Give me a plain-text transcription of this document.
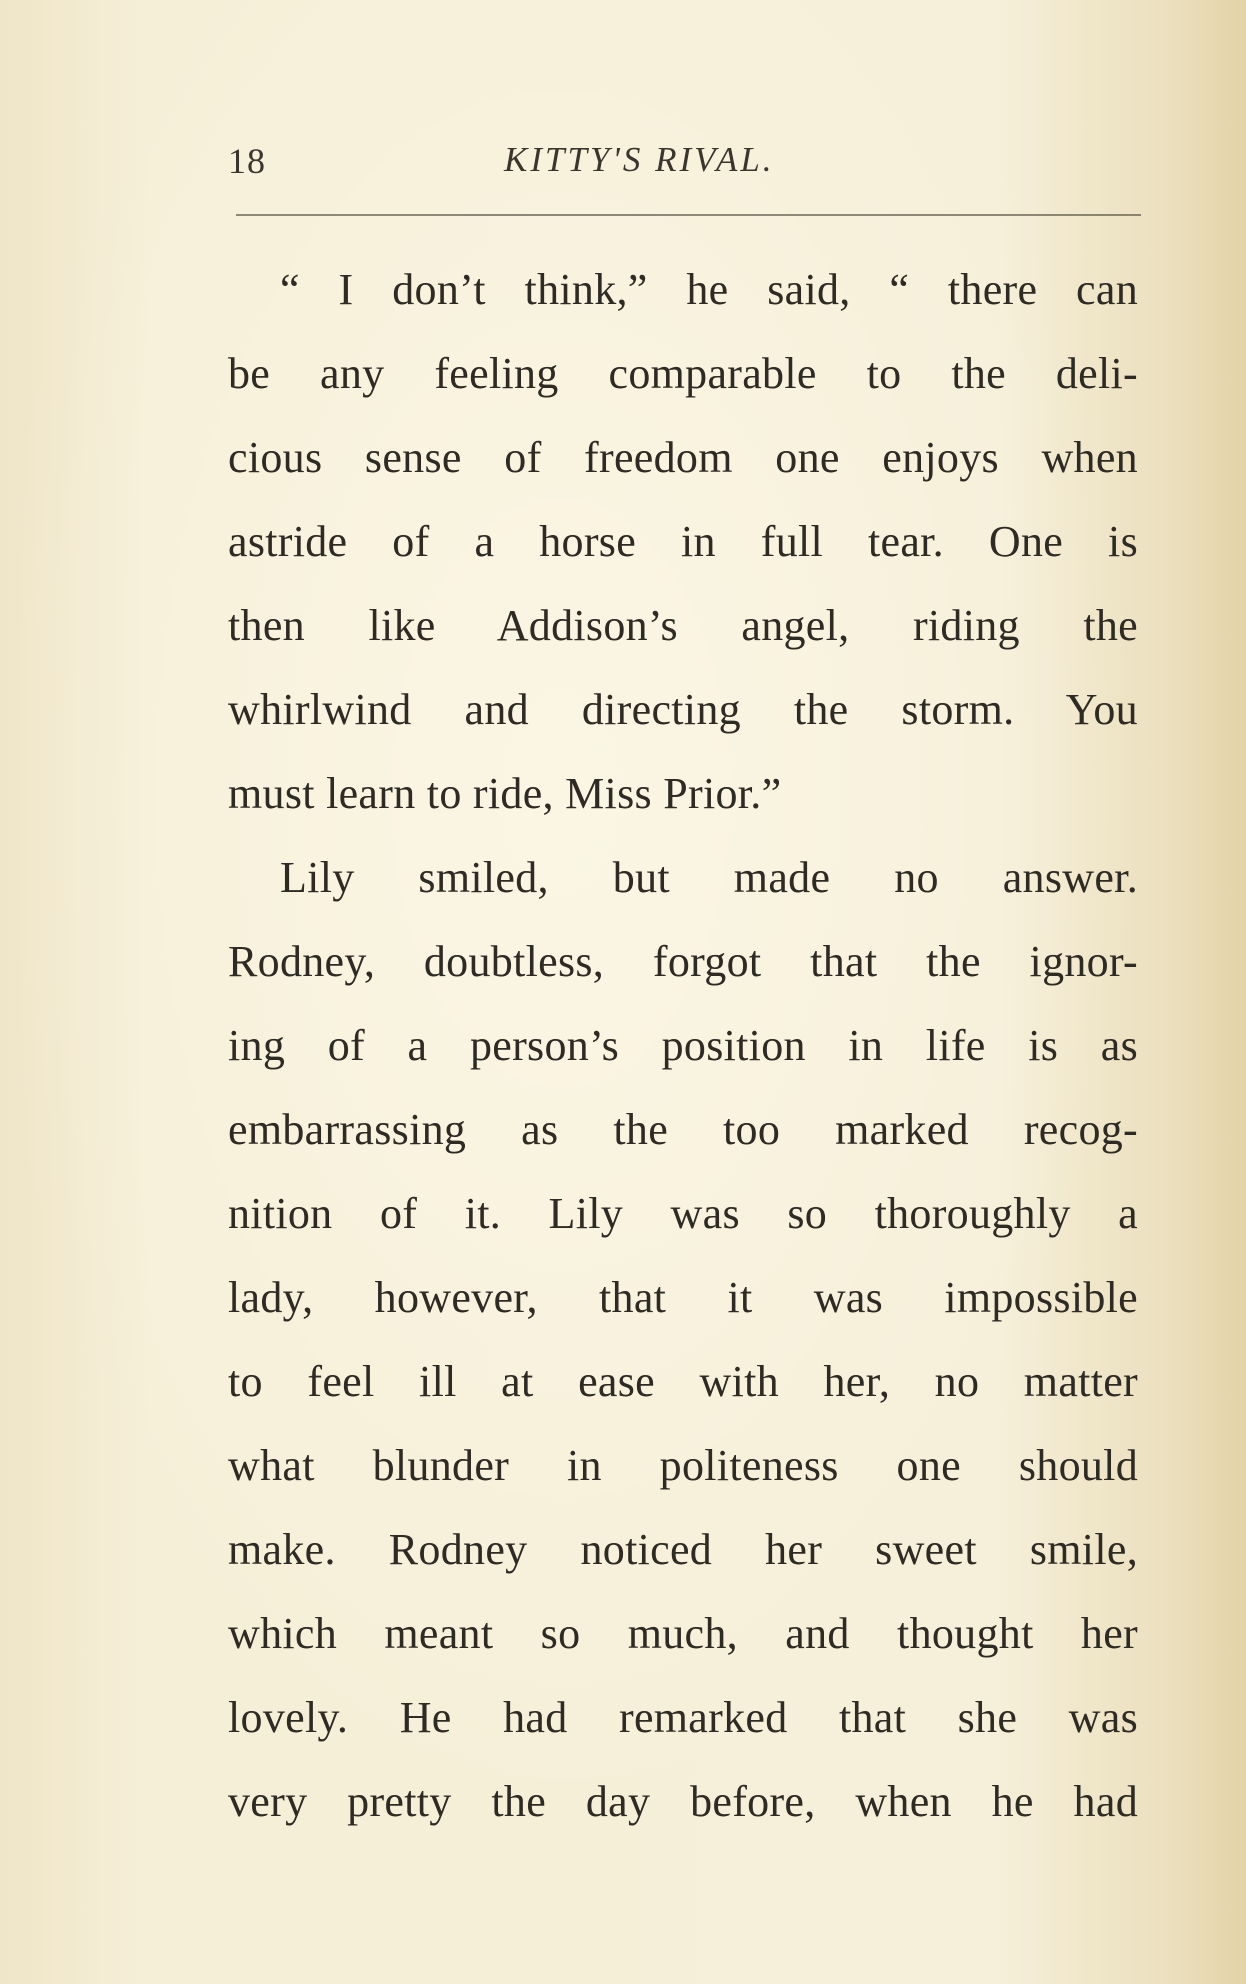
18	KITTY'S RIVAL.
“ I don’t think,” he said, “ there can
be any feeling comparable to the deli-
cious sense of freedom one enjoys when
astride of a horse in full tear. One is
then like Addison’s angel, riding the
whirlwind and directing the storm. You
must learn to ride, Miss Prior.”
Lily smiled, but made no answer.
Rodney, doubtless, forgot that the ignor-
ing of a person’s position in life is as
embarrassing as the too marked recog-
nition of it. Lily was so thoroughly a
lady, however, that it was impossible
to feel ill at ease with her, no matter
what blunder in politeness one should
make. Rodney noticed her sweet smile,
which meant so much, and thought her
lovely. He had remarked that she was
very pretty the day before, when he had
